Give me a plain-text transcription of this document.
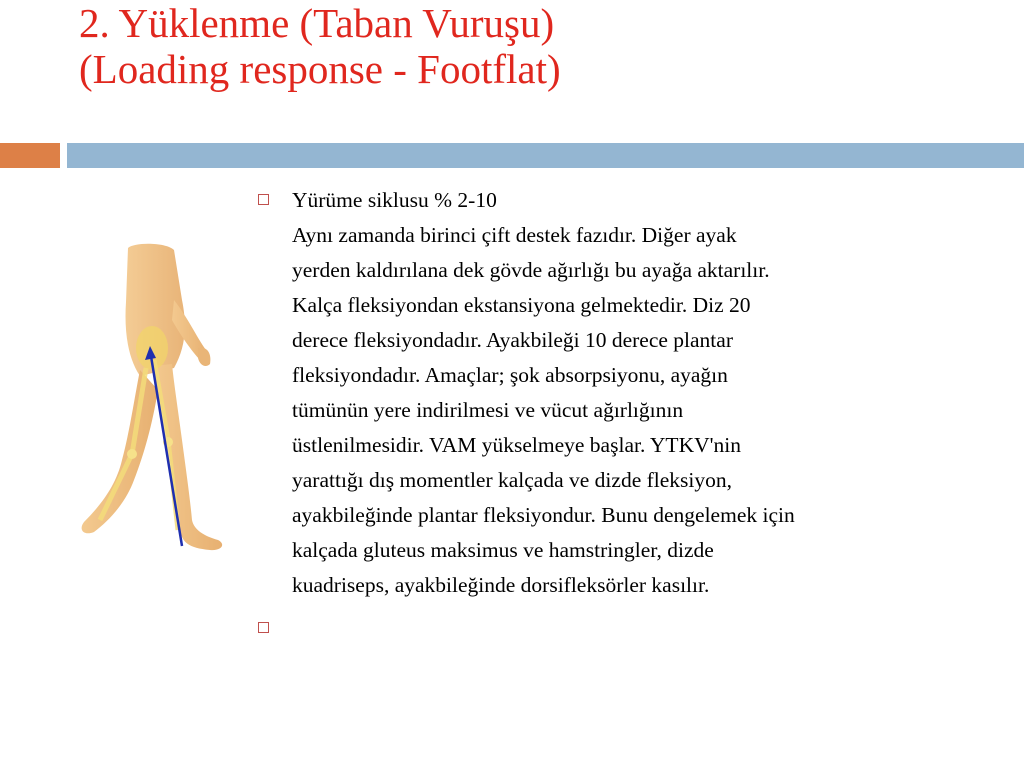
2. Yüklenme (Taban Vuruşu)
(Loading response - Footflat)
Yürüme siklusu % 2-10
Aynı zamanda birinci çift destek fazıdır. Diğer ayak
yerden kaldırılana dek gövde ağırlığı bu ayağa aktarılır.
Kalça fleksiyondan ekstansiyona gelmektedir. Diz 20
derece fleksiyondadır. Ayakbileği 10 derece plantar
fleksiyondadır. Amaçlar; şok absorpsiyonu, ayağın
tümünün yere indirilmesi ve vücut ağırlığının
üstlenilmesidir. VAM yükselmeye başlar. YTKV'nin
yarattığı dış momentler kalçada ve dizde fleksiyon,
ayakbileğinde plantar fleksiyondur. Bunu dengelemek için
kalçada gluteus maksimus ve hamstringler, dizde
kuadriseps, ayakbileğinde dorsifleksörler kasılır.
